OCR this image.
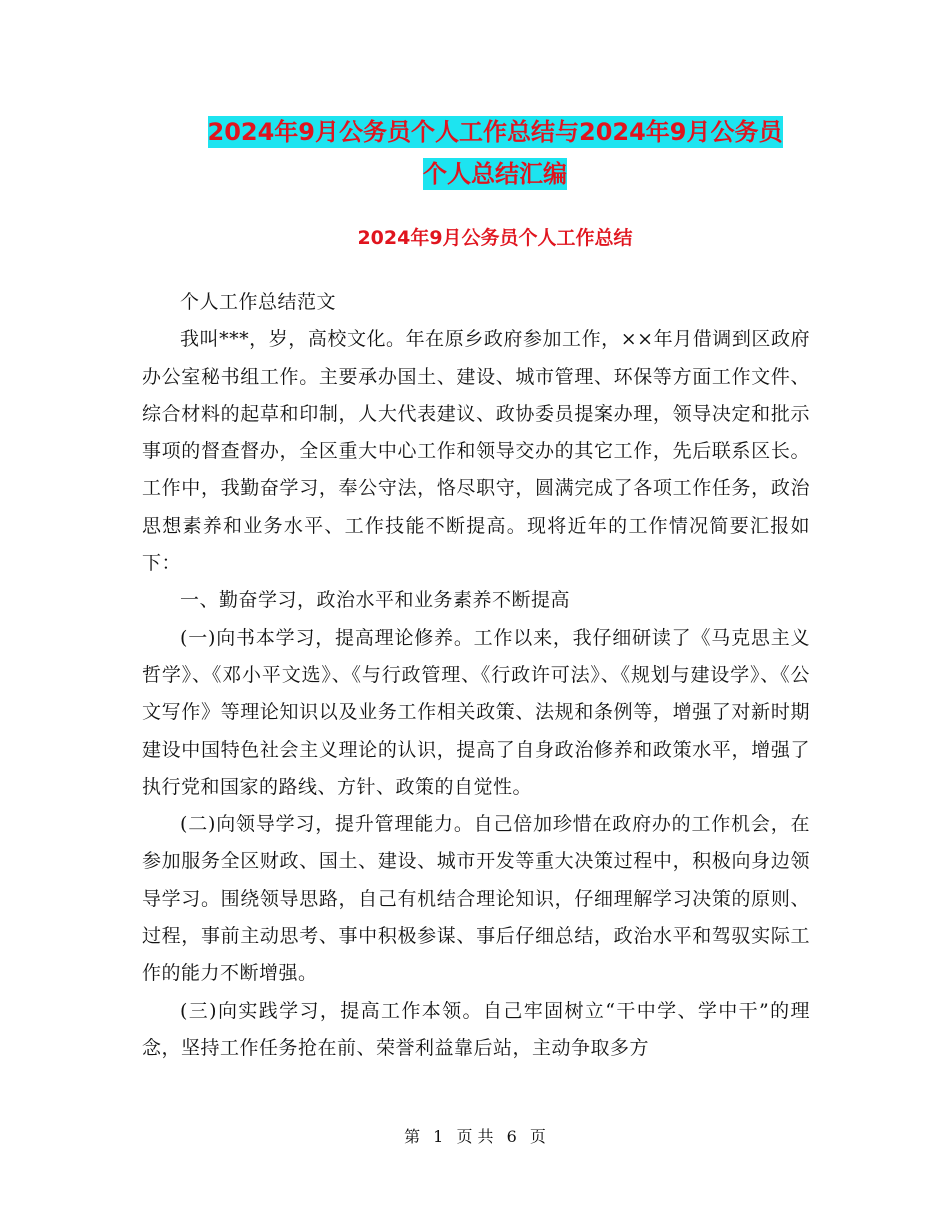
2024年9月公务员个人工作总结与2024年9月公务员
个人总结汇编
2024年9月公务员个人工作总结

个人工作总结范文

我叫***，岁，高校文化。年在原乡政府参加工作，××年月借调到区政府办公室秘书组工作。主要承办国土、建设、城市管理、环保等方面工作文件、综合材料的起草和印制，人大代表建议、政协委员提案办理，领导决定和批示事项的督查督办，全区重大中心工作和领导交办的其它工作，先后联系区长。工作中，我勤奋学习，奉公守法，恪尽职守，圆满完成了各项工作任务，政治思想素养和业务水平、工作技能不断提高。现将近年的工作情况简要汇报如下：

一、勤奋学习，政治水平和业务素养不断提高

(一)向书本学习，提高理论修养。工作以来，我仔细研读了《马克思主义哲学》、《邓小平文选》、《与行政管理、《行政许可法》、《规划与建设学》、《公文写作》等理论知识以及业务工作相关政策、法规和条例等，增强了对新时期建设中国特色社会主义理论的认识，提高了自身政治修养和政策水平，增强了执行党和国家的路线、方针、政策的自觉性。

(二)向领导学习，提升管理能力。自己倍加珍惜在政府办的工作机会，在参加服务全区财政、国土、建设、城市开发等重大决策过程中，积极向身边领导学习。围绕领导思路，自己有机结合理论知识，仔细理解学习决策的原则、过程，事前主动思考、事中积极参谋、事后仔细总结，政治水平和驾驭实际工作的能力不断增强。

(三)向实践学习，提高工作本领。自己牢固树立“干中学、学中干”的理念，坚持工作任务抢在前、荣誉利益靠后站，主动争取多方

第 1 页 共 6 页
